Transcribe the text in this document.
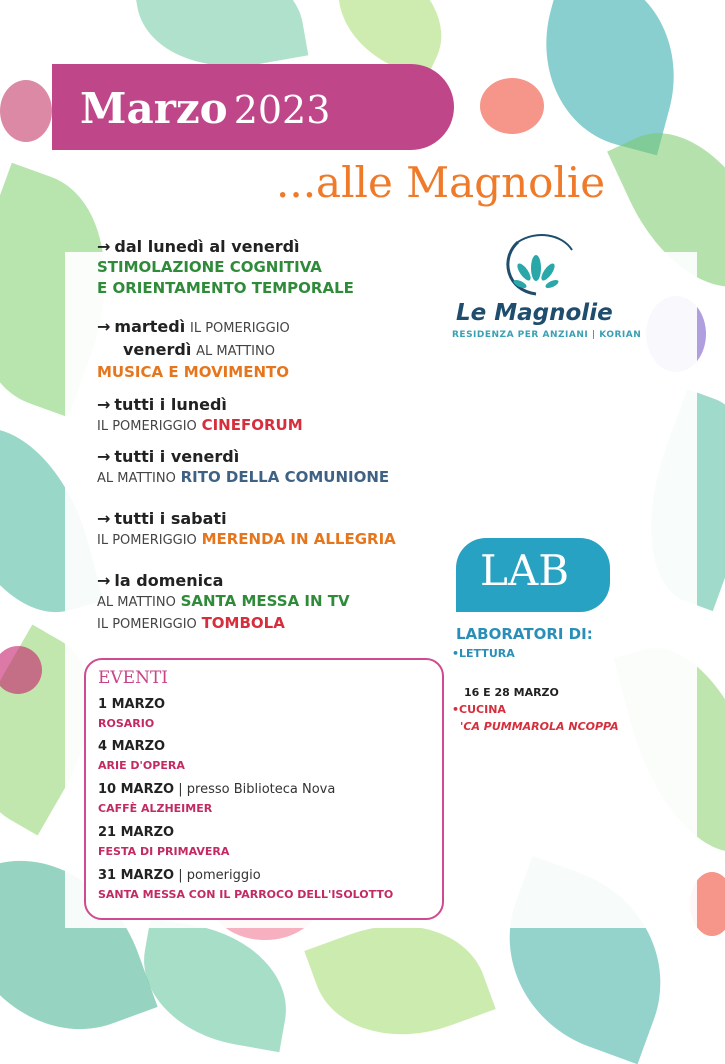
Marzo 2023
...alle Magnolie
→ dal lunedì al venerdì
STIMOLAZIONE COGNITIVA
E ORIENTAMENTO TEMPORALE
→ martedì IL POMERIGGIO
venerdì AL MATTINO
MUSICA E MOVIMENTO
→ tutti i lunedì
IL POMERIGGIO CINEFORUM
→ tutti i venerdì
AL MATTINO RITO DELLA COMUNIONE
→ tutti i sabati
IL POMERIGGIO MERENDA IN ALLEGRIA
→ la domenica
AL MATTINO SANTA MESSA IN TV
IL POMERIGGIO TOMBOLA
EVENTI
1 MARZO
ROSARIO
4 MARZO
ARIE D'OPERA
10 MARZO | presso Biblioteca Nova
CAFFÈ ALZHEIMER
21 MARZO
FESTA DI PRIMAVERA
31 MARZO | pomeriggio
SANTA MESSA CON IL PARROCO DELL'ISOLOTTO
Le Magnolie
RESIDENZA PER ANZIANI | KORIAN
LAB
LABORATORI DI:
•LETTURA
16 E 28 MARZO
•CUCINA
'CA PUMMAROLA NCOPPA
